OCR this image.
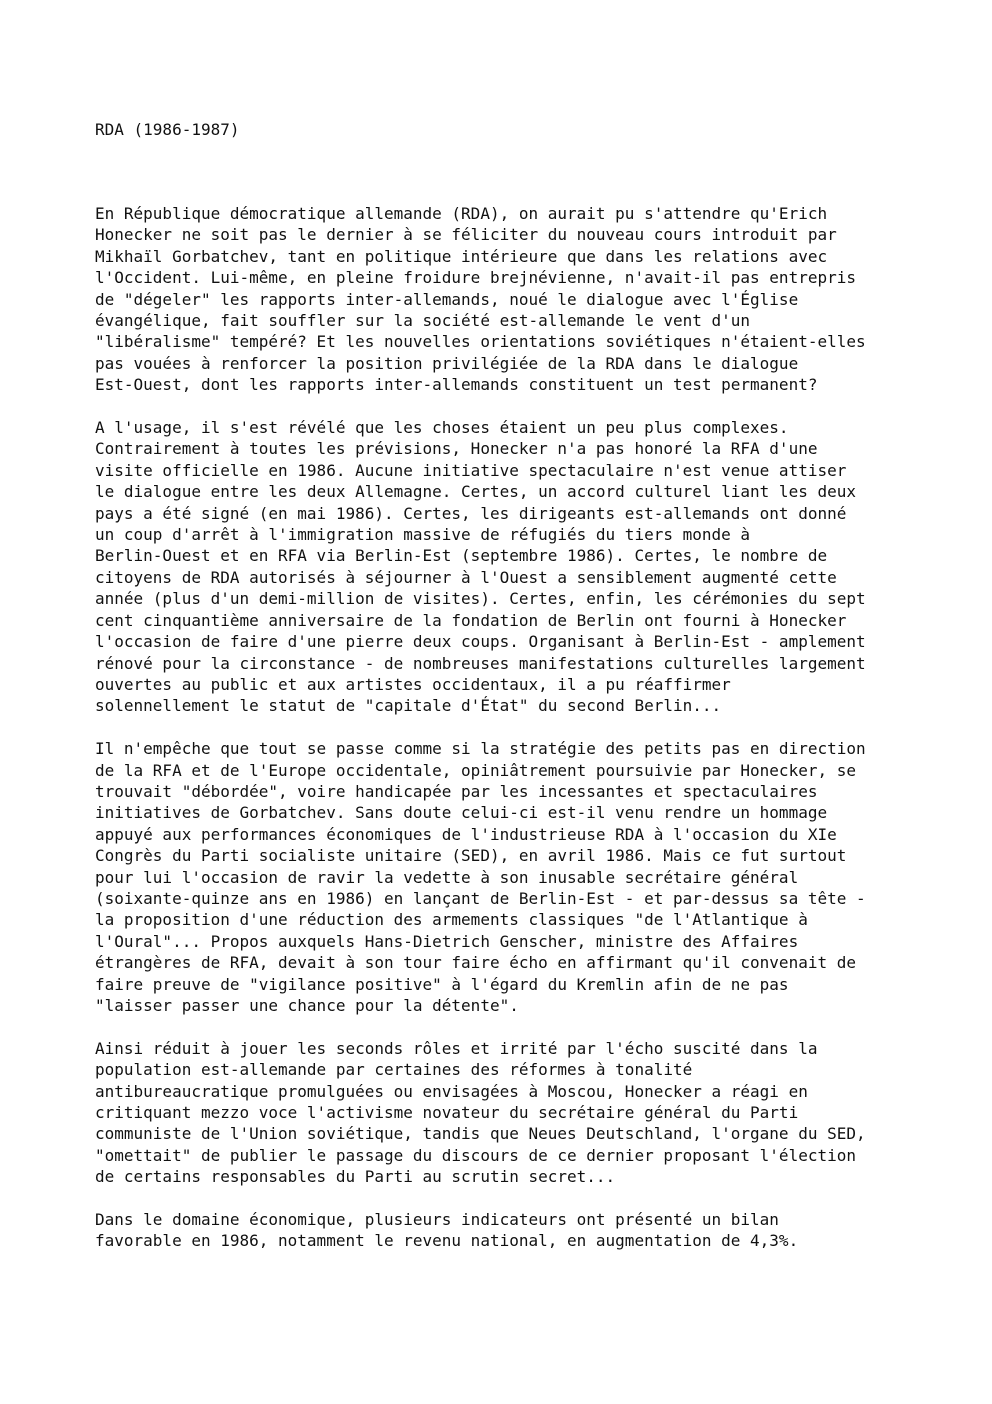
RDA (1986-1987)

En République démocratique allemande (RDA), on aurait pu s'attendre qu'Erich
Honecker ne soit pas le dernier à se féliciter du nouveau cours introduit par
Mikhaïl Gorbatchev, tant en politique intérieure que dans les relations avec
l'Occident. Lui-même, en pleine froidure brejnévienne, n'avait-il pas entrepris
de "dégeler" les rapports inter-allemands, noué le dialogue avec l'Église
évangélique, fait souffler sur la société est-allemande le vent d'un
"libéralisme" tempéré? Et les nouvelles orientations soviétiques n'étaient-elles
pas vouées à renforcer la position privilégiée de la RDA dans le dialogue
Est-Ouest, dont les rapports inter-allemands constituent un test permanent?

A l'usage, il s'est révélé que les choses étaient un peu plus complexes.
Contrairement à toutes les prévisions, Honecker n'a pas honoré la RFA d'une
visite officielle en 1986. Aucune initiative spectaculaire n'est venue attiser
le dialogue entre les deux Allemagne. Certes, un accord culturel liant les deux
pays a été signé (en mai 1986). Certes, les dirigeants est-allemands ont donné
un coup d'arrêt à l'immigration massive de réfugiés du tiers monde à
Berlin-Ouest et en RFA via Berlin-Est (septembre 1986). Certes, le nombre de
citoyens de RDA autorisés à séjourner à l'Ouest a sensiblement augmenté cette
année (plus d'un demi-million de visites). Certes, enfin, les cérémonies du sept
cent cinquantième anniversaire de la fondation de Berlin ont fourni à Honecker
l'occasion de faire d'une pierre deux coups. Organisant à Berlin-Est - amplement
rénové pour la circonstance - de nombreuses manifestations culturelles largement
ouvertes au public et aux artistes occidentaux, il a pu réaffirmer
solennellement le statut de "capitale d'État" du second Berlin...

Il n'empêche que tout se passe comme si la stratégie des petits pas en direction
de la RFA et de l'Europe occidentale, opiniâtrement poursuivie par Honecker, se
trouvait "débordée", voire handicapée par les incessantes et spectaculaires
initiatives de Gorbatchev. Sans doute celui-ci est-il venu rendre un hommage
appuyé aux performances économiques de l'industrieuse RDA à l'occasion du XIe
Congrès du Parti socialiste unitaire (SED), en avril 1986. Mais ce fut surtout
pour lui l'occasion de ravir la vedette à son inusable secrétaire général
(soixante-quinze ans en 1986) en lançant de Berlin-Est - et par-dessus sa tête -
la proposition d'une réduction des armements classiques "de l'Atlantique à
l'Oural"... Propos auxquels Hans-Dietrich Genscher, ministre des Affaires
étrangères de RFA, devait à son tour faire écho en affirmant qu'il convenait de
faire preuve de "vigilance positive" à l'égard du Kremlin afin de ne pas
"laisser passer une chance pour la détente".

Ainsi réduit à jouer les seconds rôles et irrité par l'écho suscité dans la
population est-allemande par certaines des réformes à tonalité
antibureaucratique promulguées ou envisagées à Moscou, Honecker a réagi en
critiquant mezzo voce l'activisme novateur du secrétaire général du Parti
communiste de l'Union soviétique, tandis que Neues Deutschland, l'organe du SED,
"omettait" de publier le passage du discours de ce dernier proposant l'élection
de certains responsables du Parti au scrutin secret...

Dans le domaine économique, plusieurs indicateurs ont présenté un bilan
favorable en 1986, notamment le revenu national, en augmentation de 4,3%.
